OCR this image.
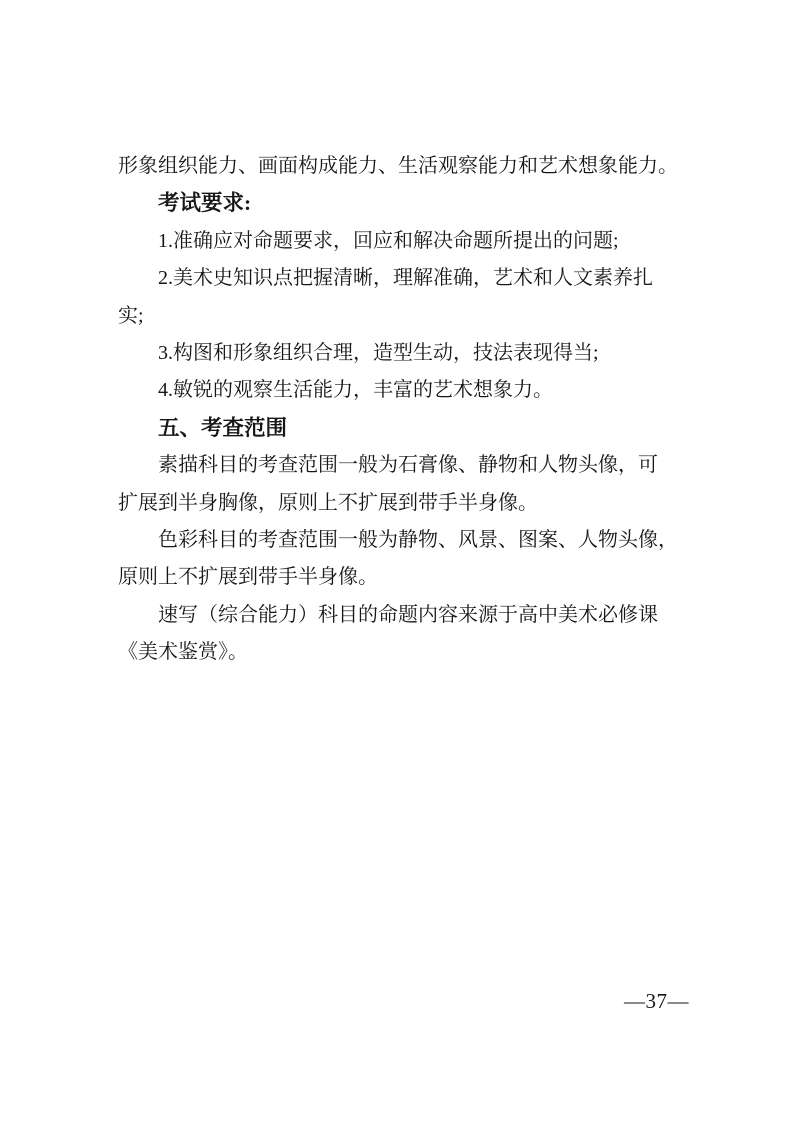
形象组织能力、画面构成能力、生活观察能力和艺术想象能力。
考试要求:
1.准确应对命题要求，回应和解决命题所提出的问题;
2.美术史知识点把握清晰，理解准确，艺术和人文素养扎
实;
3.构图和形象组织合理，造型生动，技法表现得当;
4.敏锐的观察生活能力，丰富的艺术想象力。
五、考查范围
素描科目的考查范围一般为石膏像、静物和人物头像，可
扩展到半身胸像，原则上不扩展到带手半身像。
色彩科目的考查范围一般为静物、风景、图案、人物头像，
原则上不扩展到带手半身像。
速写（综合能力）科目的命题内容来源于高中美术必修课
《美术鉴赏》。
—37—
